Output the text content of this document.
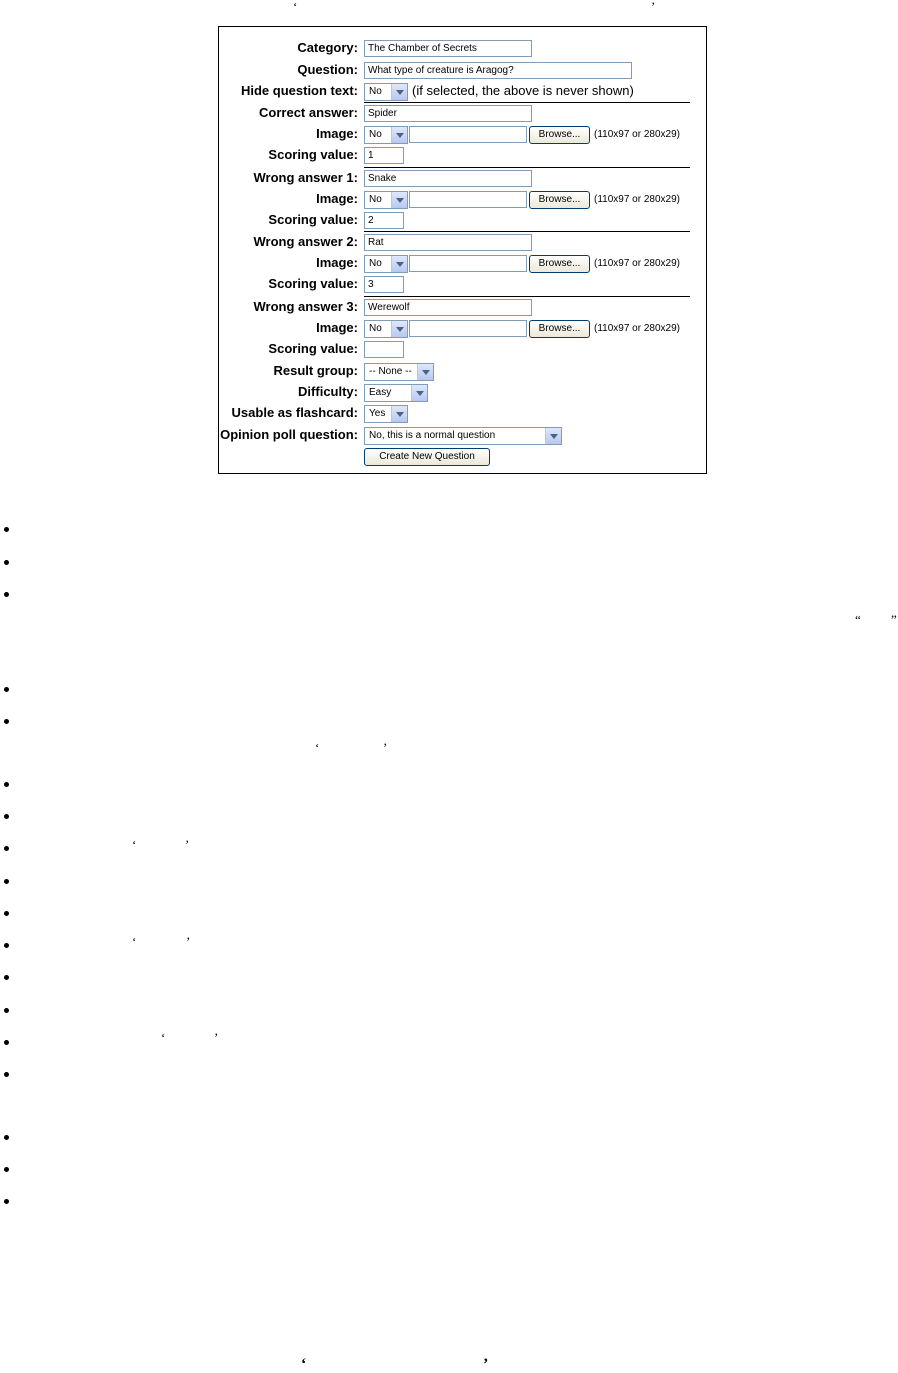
‘	’
Category:	The Chamber of Secrets
Question:	What type of creature is Aragog?
Hide question text:	No	(if selected, the above is never shown)
Correct answer:	Spider
Image:	No	Browse...	(110x97 or 280x29)
Scoring value:	1
Wrong answer 1:	Snake
Image:	No	Browse...	(110x97 or 280x29)
Scoring value:	2
Wrong answer 2:	Rat
Image:	No	Browse...	(110x97 or 280x29)
Scoring value:	3
Wrong answer 3:	Werewolf
Image:	No	Browse...	(110x97 or 280x29)
Scoring value:
Result group:	-- None --
Difficulty:	Easy
Usable as flashcard:	Yes
Opinion poll question:	No, this is a normal question
Create New Question
“ ”
‘	’
‘	’
‘	’
‘	’
‘	’
